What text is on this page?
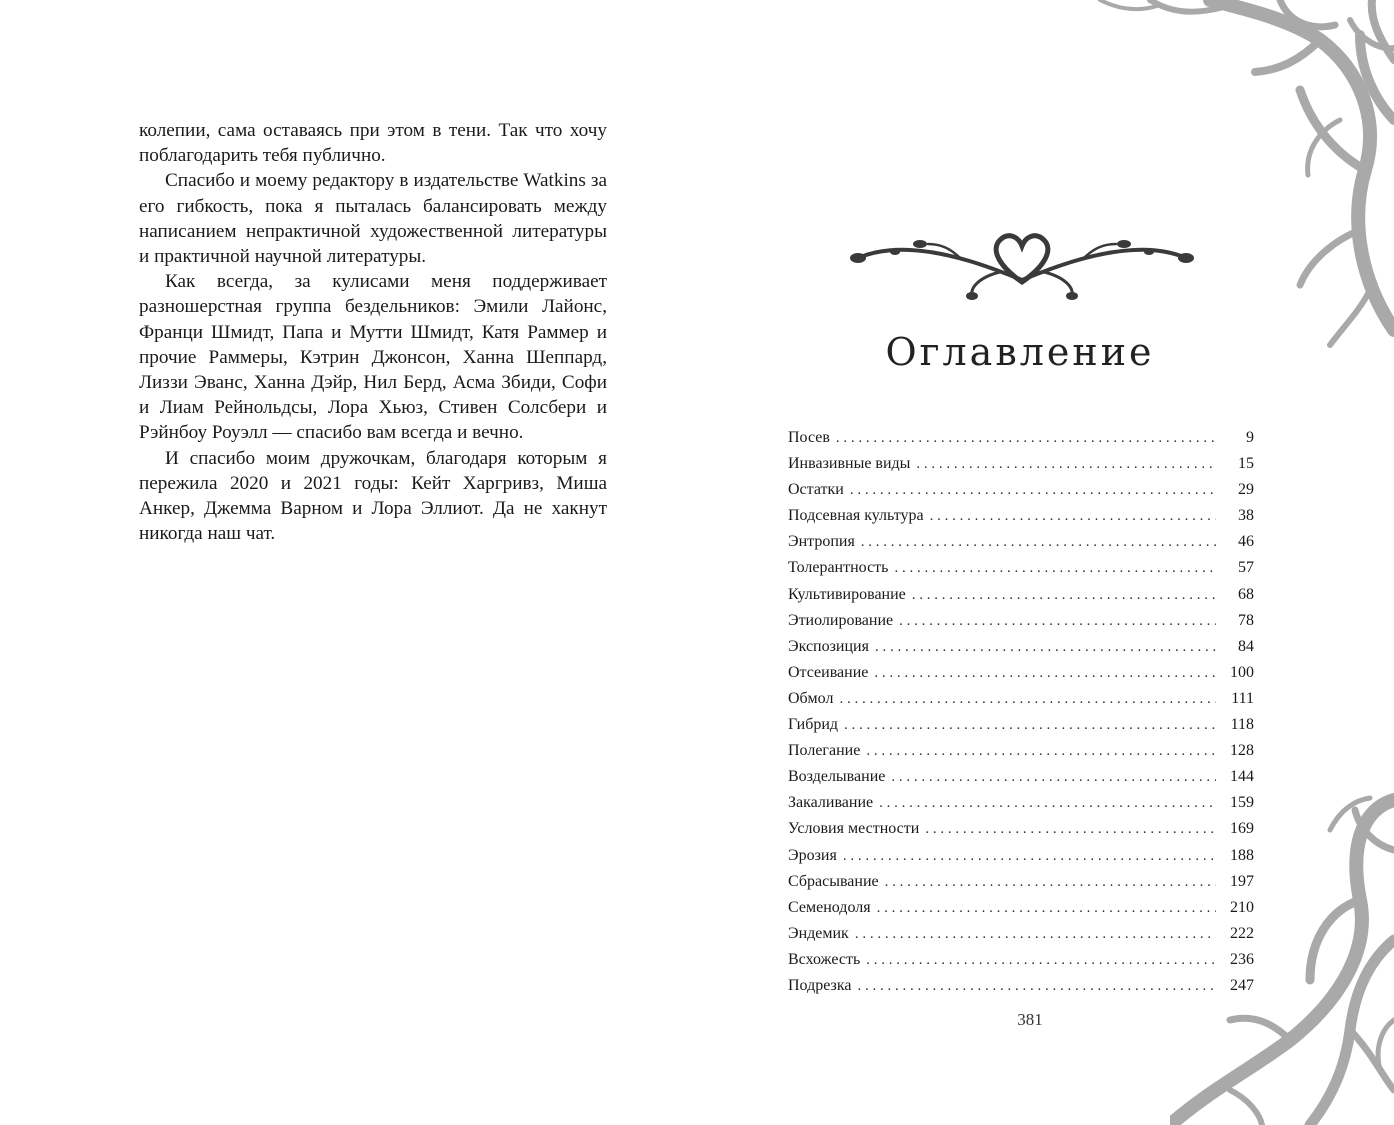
колепии, сама оставаясь при этом в тени. Так что хочу поблагодарить тебя публично.

Спасибо и моему редактору в издательстве Watkins за его гибкость, пока я пыталась балансировать между написанием непрактичной художественной литературы и практичной научной литературы.

Как всегда, за кулисами меня поддерживает разношерстная группа бездельников: Эмили Лайонс, Франци Шмидт, Папа и Мутти Шмидт, Катя Раммер и прочие Раммеры, Кэтрин Джонсон, Ханна Шеппард, Лиззи Эванс, Ханна Дэйр, Нил Берд, Асма Збиди, Софи и Лиам Рейнольдсы, Лора Хьюз, Стивен Солсбери и Рэйнбоу Роуэлл — спасибо вам всегда и вечно.

И спасибо моим дружочкам, благодаря которым я пережила 2020 и 2021 годы: Кейт Харгривз, Миша Анкер, Джемма Варном и Лора Эллиот. Да не хакнут никогда наш чат.

Оглавление
Посев . . .	9
Инвазивные виды . . .	15
Остатки . . .	29
Подсевная культура . . .	38
Энтропия . . .	46
Толерантность . . .	57
Культивирование . . .	68
Этиолирование . . .	78
Экспозиция . . .	84
Отсеивание . . .	100
Обмол . . .	111
Гибрид . . .	118
Полегание . . .	128
Возделывание . . .	144
Закаливание . . .	159
Условия местности . . .	169
Эрозия . . .	188
Сбрасывание . . .	197
Семенодоля . . .	210
Эндемик . . .	222
Всхожесть . . .	236
Подрезка . . .	247
381
